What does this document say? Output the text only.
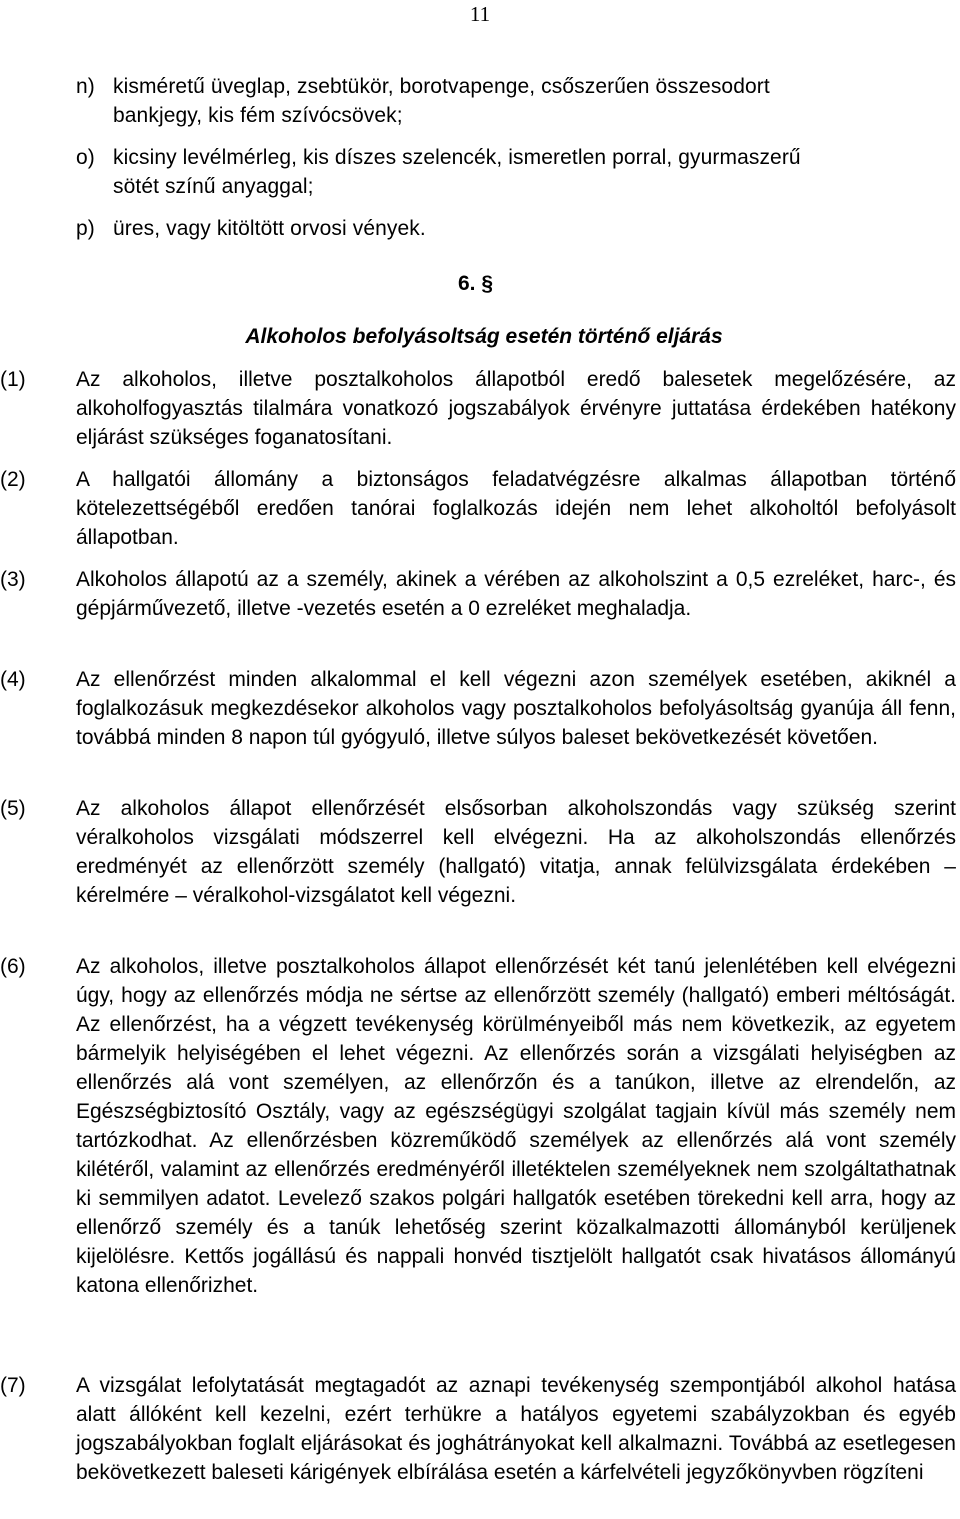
11
n) kisméretű üveglap, zsebtükör, borotvapenge, csőszerűen összesodort
bankjegy, kis fém szívócsövek;
o) kicsiny levélmérleg, kis díszes szelencék, ismeretlen porral, gyurmaszerű
sötét színű anyaggal;
p) üres, vagy kitöltött orvosi vények.
6. §
Alkoholos befolyásoltság esetén történő eljárás
(1) Az alkoholos, illetve posztalkoholos állapotból eredő balesetek megelőzésére, az alkoholfogyasztás tilalmára vonatkozó jogszabályok érvényre juttatása érdekében hatékony eljárást szükséges foganatosítani.
(2) A hallgatói állomány a biztonságos feladatvégzésre alkalmas állapotban történő kötelezettségéből eredően tanórai foglalkozás idején nem lehet alkoholtól befolyásolt állapotban.
(3) Alkoholos állapotú az a személy, akinek a vérében az alkoholszint a 0,5 ezreléket, harc-, és gépjárművezető, illetve -vezetés esetén a 0 ezreléket meghaladja.
(4) Az ellenőrzést minden alkalommal el kell végezni azon személyek esetében, akiknél a foglalkozásuk megkezdésekor alkoholos vagy posztalkoholos befolyásoltság gyanúja áll fenn, továbbá minden 8 napon túl gyógyuló, illetve súlyos baleset bekövetkezését követően.
(5) Az alkoholos állapot ellenőrzését elsősorban alkoholszondás vagy szükség szerint véralkoholos vizsgálati módszerrel kell elvégezni. Ha az alkoholszondás ellenőrzés eredményét az ellenőrzött személy (hallgató) vitatja, annak felülvizsgálata érdekében – kérelmére – véralkohol-vizsgálatot kell végezni.
(6) Az alkoholos, illetve posztalkoholos állapot ellenőrzését két tanú jelenlétében kell elvégezni úgy, hogy az ellenőrzés módja ne sértse az ellenőrzött személy (hallgató) emberi méltóságát. Az ellenőrzést, ha a végzett tevékenység körülményeiből más nem következik, az egyetem bármelyik helyiségében el lehet végezni. Az ellenőrzés során a vizsgálati helyiségben az ellenőrzés alá vont személyen, az ellenőrzőn és a tanúkon, illetve az elrendelőn, az Egészségbiztosító Osztály, vagy az egészségügyi szolgálat tagjain kívül más személy nem tartózkodhat. Az ellenőrzésben közreműködő személyek az ellenőrzés alá vont személy kilétéről, valamint az ellenőrzés eredményéről illetéktelen személyeknek nem szolgáltathatnak ki semmilyen adatot. Levelező szakos polgári hallgatók esetében törekedni kell arra, hogy az ellenőrző személy és a tanúk lehetőség szerint közalkalmazotti állományból kerüljenek kijelölésre. Kettős jogállású és nappali honvéd tisztjelölt hallgatót csak hivatásos állományú katona ellenőrizhet.
(7) A vizsgálat lefolytatását megtagadót az aznapi tevékenység szempontjából alkohol hatása alatt állóként kell kezelni, ezért terhükre a hatályos egyetemi szabályzokban és egyéb jogszabályokban foglalt eljárásokat és joghátrányokat kell alkalmazni. Továbbá az esetlegesen bekövetkezett baleseti kárigények elbírálása esetén a kárfelvételi jegyzőkönyvben rögzíteni
